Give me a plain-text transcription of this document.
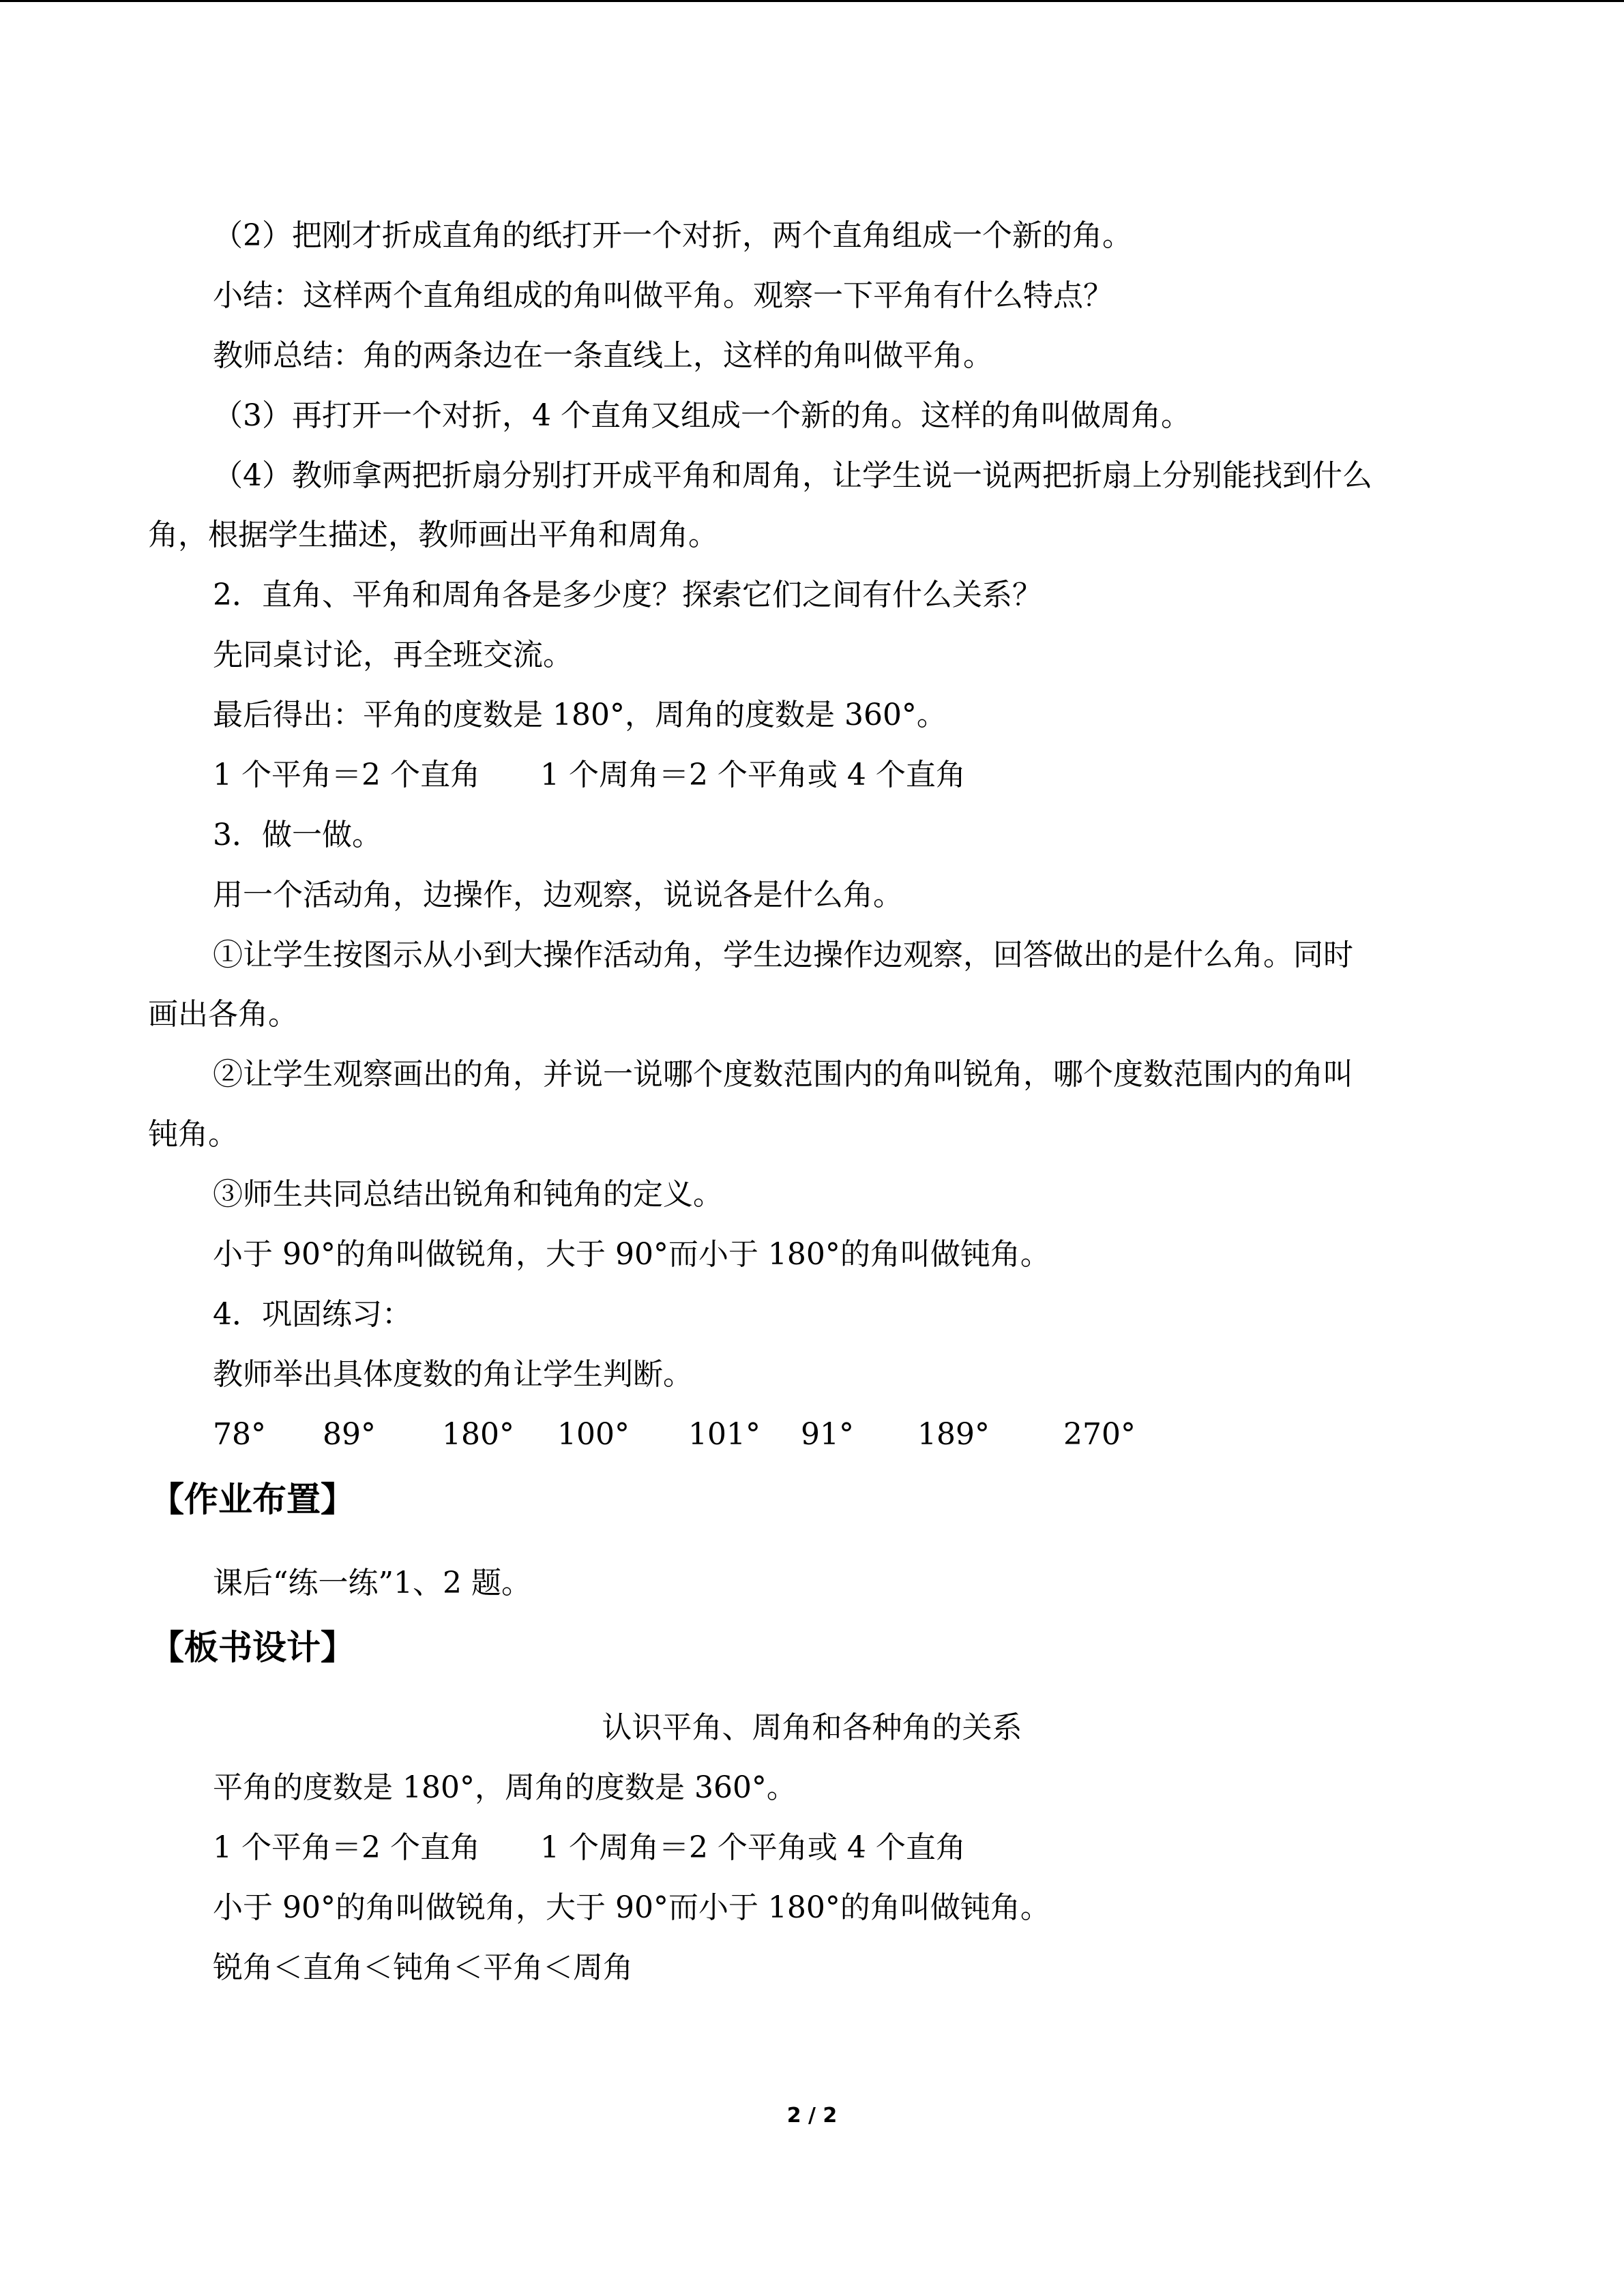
（2）把刚才折成直角的纸打开一个对折，两个直角组成一个新的角。
小结：这样两个直角组成的角叫做平角。观察一下平角有什么特点？
教师总结：角的两条边在一条直线上，这样的角叫做平角。
（3）再打开一个对折，4 个直角又组成一个新的角。这样的角叫做周角。
（4）教师拿两把折扇分别打开成平角和周角，让学生说一说两把折扇上分别能找到什么
角，根据学生描述，教师画出平角和周角。
2．直角、平角和周角各是多少度？探索它们之间有什么关系？
先同桌讨论，再全班交流。
最后得出：平角的度数是 180°，周角的度数是 360°。
1 个平角＝2 个直角　　1 个周角＝2 个平角或 4 个直角
3．做一做。
用一个活动角，边操作，边观察，说说各是什么角。
①让学生按图示从小到大操作活动角，学生边操作边观察，回答做出的是什么角。同时
画出各角。
②让学生观察画出的角，并说一说哪个度数范围内的角叫锐角，哪个度数范围内的角叫
钝角。
③师生共同总结出锐角和钝角的定义。
小于 90°的角叫做锐角，大于 90°而小于 180°的角叫做钝角。
4．巩固练习：
教师举出具体度数的角让学生判断。
78° 89° 180° 100° 101° 91° 189° 270°
【作业布置】
课后“练一练”1、2 题。
【板书设计】
认识平角、周角和各种角的关系
平角的度数是 180°，周角的度数是 360°。
1 个平角＝2 个直角　　1 个周角＝2 个平角或 4 个直角
小于 90°的角叫做锐角，大于 90°而小于 180°的角叫做钝角。
锐角＜直角＜钝角＜平角＜周角
2 / 2
